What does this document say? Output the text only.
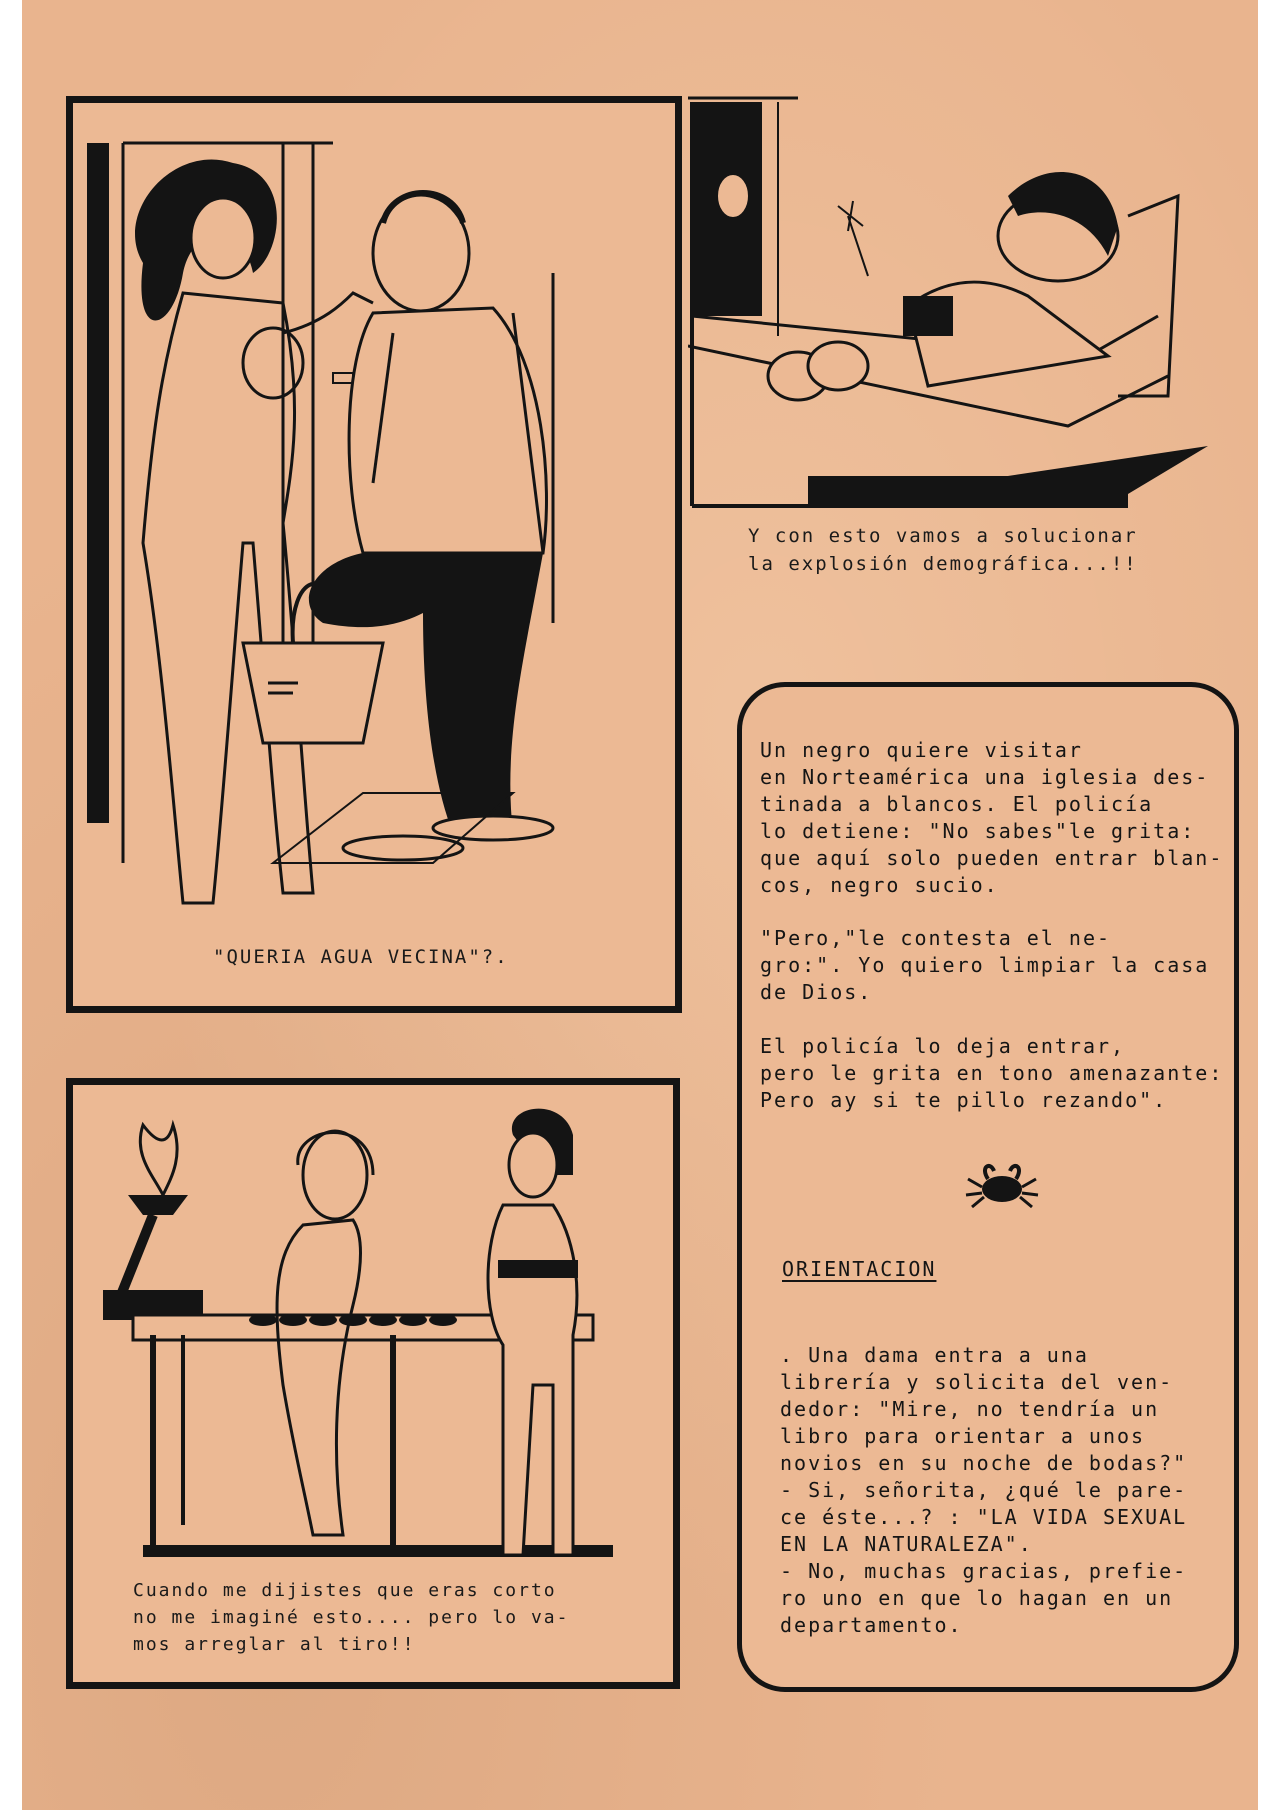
"QUERIA AGUA VECINA"?.
Y con esto vamos a solucionar
la explosión demográfica...!!
Cuando me dijistes que eras corto
no me imaginé esto.... pero lo va-
mos arreglar al tiro!!
Un negro quiere visitar
en Norteamérica una iglesia des-
tinada a blancos. El policía
lo detiene: "No sabes"le grita:
que aquí solo pueden entrar blan-
cos, negro sucio.
"Pero,"le contesta el ne-
gro:". Yo quiero limpiar la casa
de Dios.
El policía lo deja entrar,
pero le grita en tono amenazante:
Pero ay si te pillo rezando".
ORIENTACION
. Una dama entra a una
librería y solicita del ven-
dedor: "Mire, no tendría un
libro para orientar a unos
novios en su noche de bodas?"
- Si, señorita, ¿qué le pare-
ce éste...? : "LA VIDA SEXUAL
EN LA NATURALEZA".
- No, muchas gracias, prefie-
ro uno en que lo hagan en un
departamento.
